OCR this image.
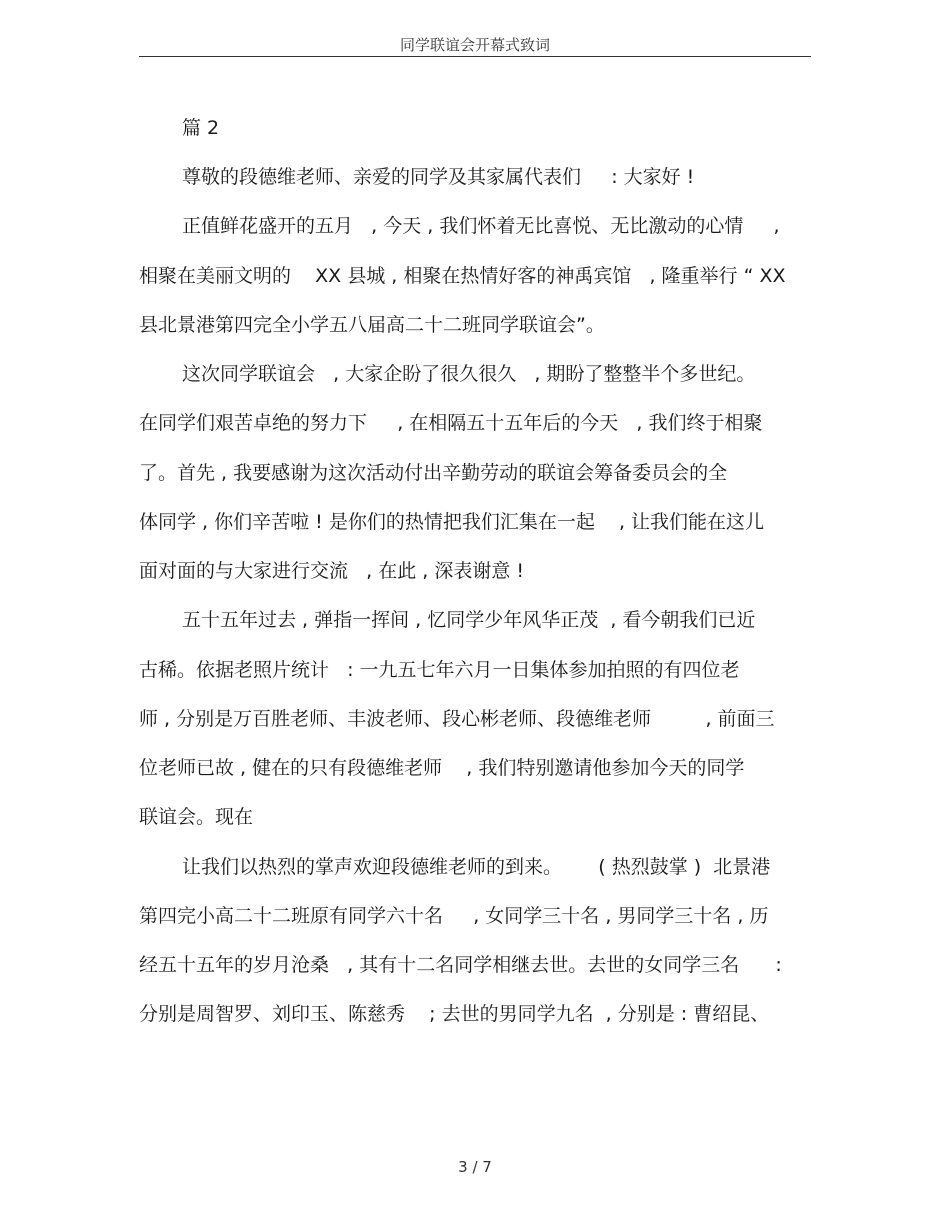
同学联谊会开幕式致词
篇 2
尊敬的段德维老师、亲爱的同学及其家属代表们     : 大家好 !
正值鲜花盛开的五月   , 今天 , 我们怀着无比喜悦、无比激动的心情     ,
相聚在美丽文明的    XX 县城 , 相聚在热情好客的神禹宾馆   , 隆重举行 “ XX
县北景港第四完全小学五八届高二十二班同学联谊会”。
这次同学联谊会   , 大家企盼了很久很久   , 期盼了整整半个多世纪。
在同学们艰苦卓绝的努力下     , 在相隔五十五年后的今天   , 我们终于相聚
了。首先 , 我要感谢为这次活动付出辛勤劳动的联谊会筹备委员会的全
体同学 , 你们辛苦啦 ! 是你们的热情把我们汇集在一起    , 让我们能在这儿
面对面的与大家进行交流   , 在此 , 深表谢意 !
五十五年过去 , 弹指一挥间 , 忆同学少年风华正茂  , 看今朝我们已近
古稀。依据老照片统计   : 一九五七年六月一日集体参加拍照的有四位老
师 , 分别是万百胜老师、丰波老师、段心彬老师、段德维老师         , 前面三
位老师已故 , 健在的只有段德维老师    , 我们特别邀请他参加今天的同学
联谊会。现在
让我们以热烈的掌声欢迎段德维老师的到来。      ( 热烈鼓掌 )  北景港
第四完小高二十二班原有同学六十名     , 女同学三十名 , 男同学三十名 , 历
经五十五年的岁月沧桑   , 其有十二名同学相继去世。去世的女同学三名      :
分别是周智罗、刘印玉、陈慈秀    ; 去世的男同学九名  , 分别是 : 曹绍昆、
3 / 7
